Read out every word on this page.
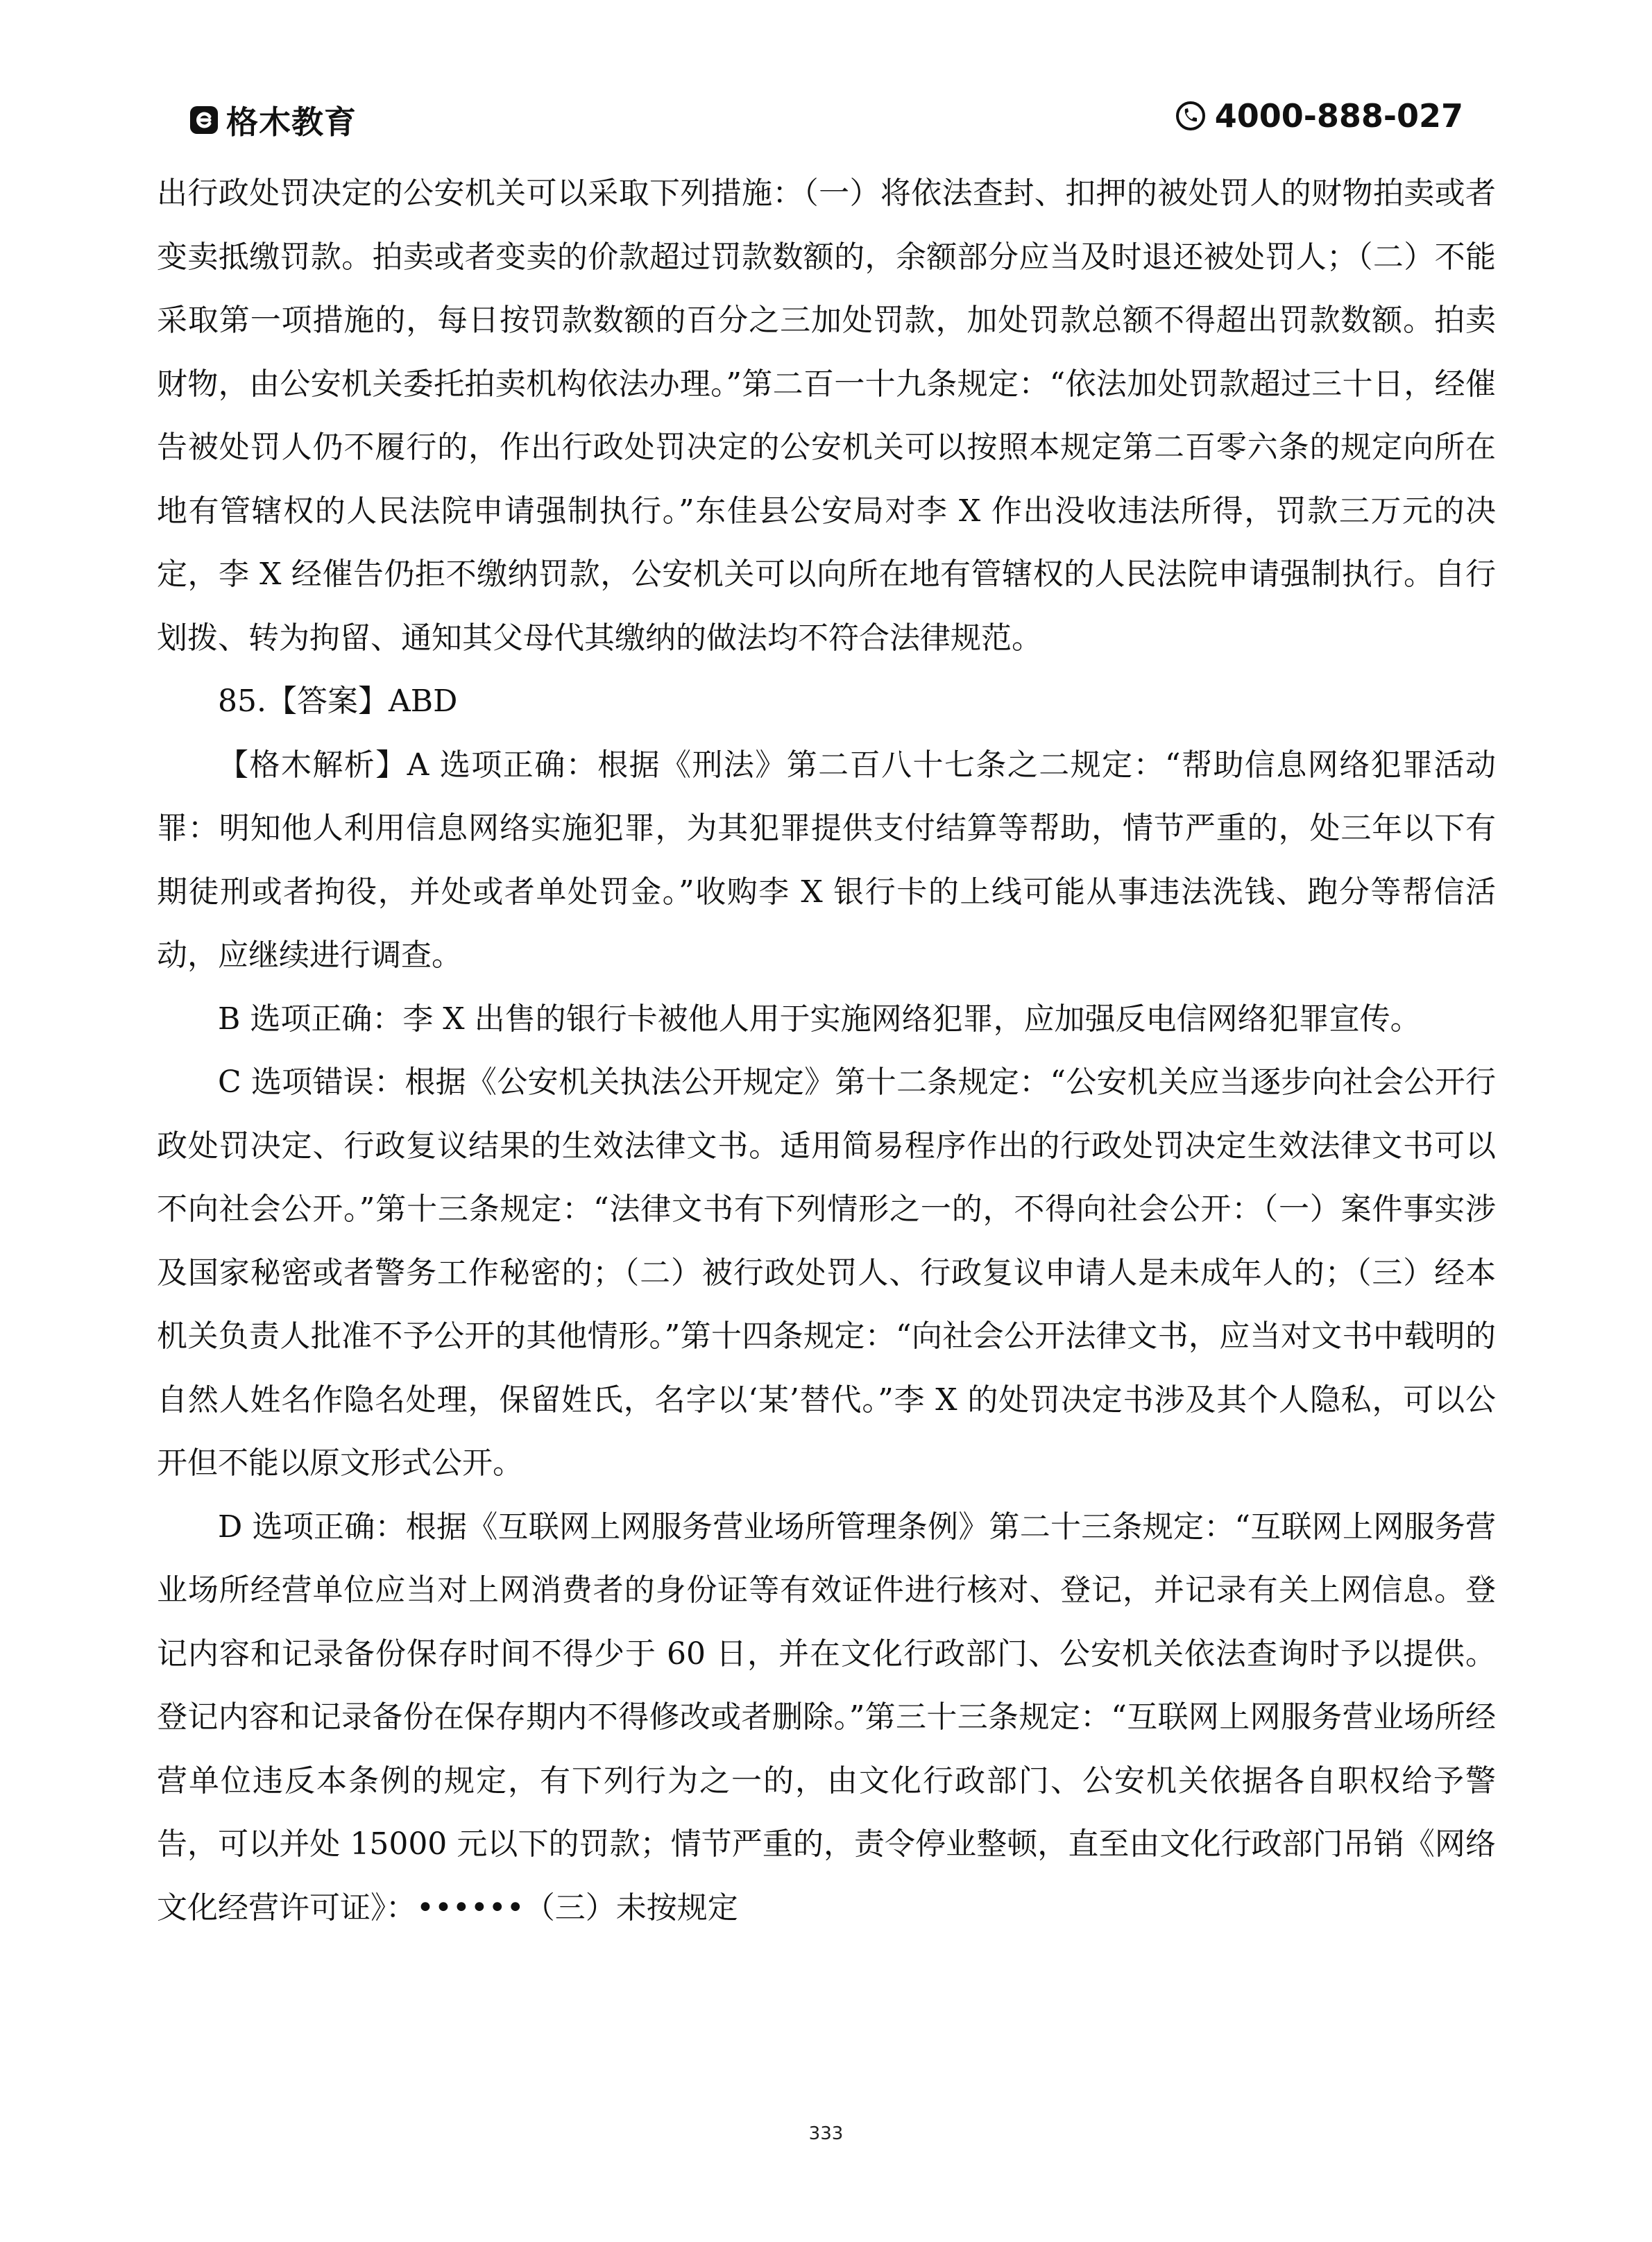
格木教育	4000-888-027

出行政处罚决定的公安机关可以采取下列措施：（一）将依法查封、扣押的被处罚人的财物拍卖或者变卖抵缴罚款。拍卖或者变卖的价款超过罚款数额的，余额部分应当及时退还被处罚人；（二）不能采取第一项措施的，每日按罚款数额的百分之三加处罚款，加处罚款总额不得超出罚款数额。拍卖财物，由公安机关委托拍卖机构依法办理。”第二百一十九条规定：“依法加处罚款超过三十日，经催告被处罚人仍不履行的，作出行政处罚决定的公安机关可以按照本规定第二百零六条的规定向所在地有管辖权的人民法院申请强制执行。”东佳县公安局对李 X 作出没收违法所得，罚款三万元的决定，李 X 经催告仍拒不缴纳罚款，公安机关可以向所在地有管辖权的人民法院申请强制执行。自行划拨、转为拘留、通知其父母代其缴纳的做法均不符合法律规范。

85.【答案】ABD

【格木解析】A 选项正确：根据《刑法》第二百八十七条之二规定：“帮助信息网络犯罪活动罪：明知他人利用信息网络实施犯罪，为其犯罪提供支付结算等帮助，情节严重的，处三年以下有期徒刑或者拘役，并处或者单处罚金。”收购李 X 银行卡的上线可能从事违法洗钱、跑分等帮信活动，应继续进行调查。

B 选项正确：李 X 出售的银行卡被他人用于实施网络犯罪，应加强反电信网络犯罪宣传。

C 选项错误：根据《公安机关执法公开规定》第十二条规定：“公安机关应当逐步向社会公开行政处罚决定、行政复议结果的生效法律文书。适用简易程序作出的行政处罚决定生效法律文书可以不向社会公开。”第十三条规定：“法律文书有下列情形之一的，不得向社会公开：（一）案件事实涉及国家秘密或者警务工作秘密的；（二）被行政处罚人、行政复议申请人是未成年人的；（三）经本机关负责人批准不予公开的其他情形。”第十四条规定：“向社会公开法律文书，应当对文书中载明的自然人姓名作隐名处理，保留姓氏，名字以‘某’替代。”李 X 的处罚决定书涉及其个人隐私，可以公开但不能以原文形式公开。

D 选项正确：根据《互联网上网服务营业场所管理条例》第二十三条规定：“互联网上网服务营业场所经营单位应当对上网消费者的身份证等有效证件进行核对、登记，并记录有关上网信息。登记内容和记录备份保存时间不得少于 60 日，并在文化行政部门、公安机关依法查询时予以提供。登记内容和记录备份在保存期内不得修改或者删除。”第三十三条规定：“互联网上网服务营业场所经营单位违反本条例的规定，有下列行为之一的，由文化行政部门、公安机关依据各自职权给予警告，可以并处 15000 元以下的罚款；情节严重的，责令停业整顿，直至由文化行政部门吊销《网络文化经营许可证》：••••••（三）未按规定

333
